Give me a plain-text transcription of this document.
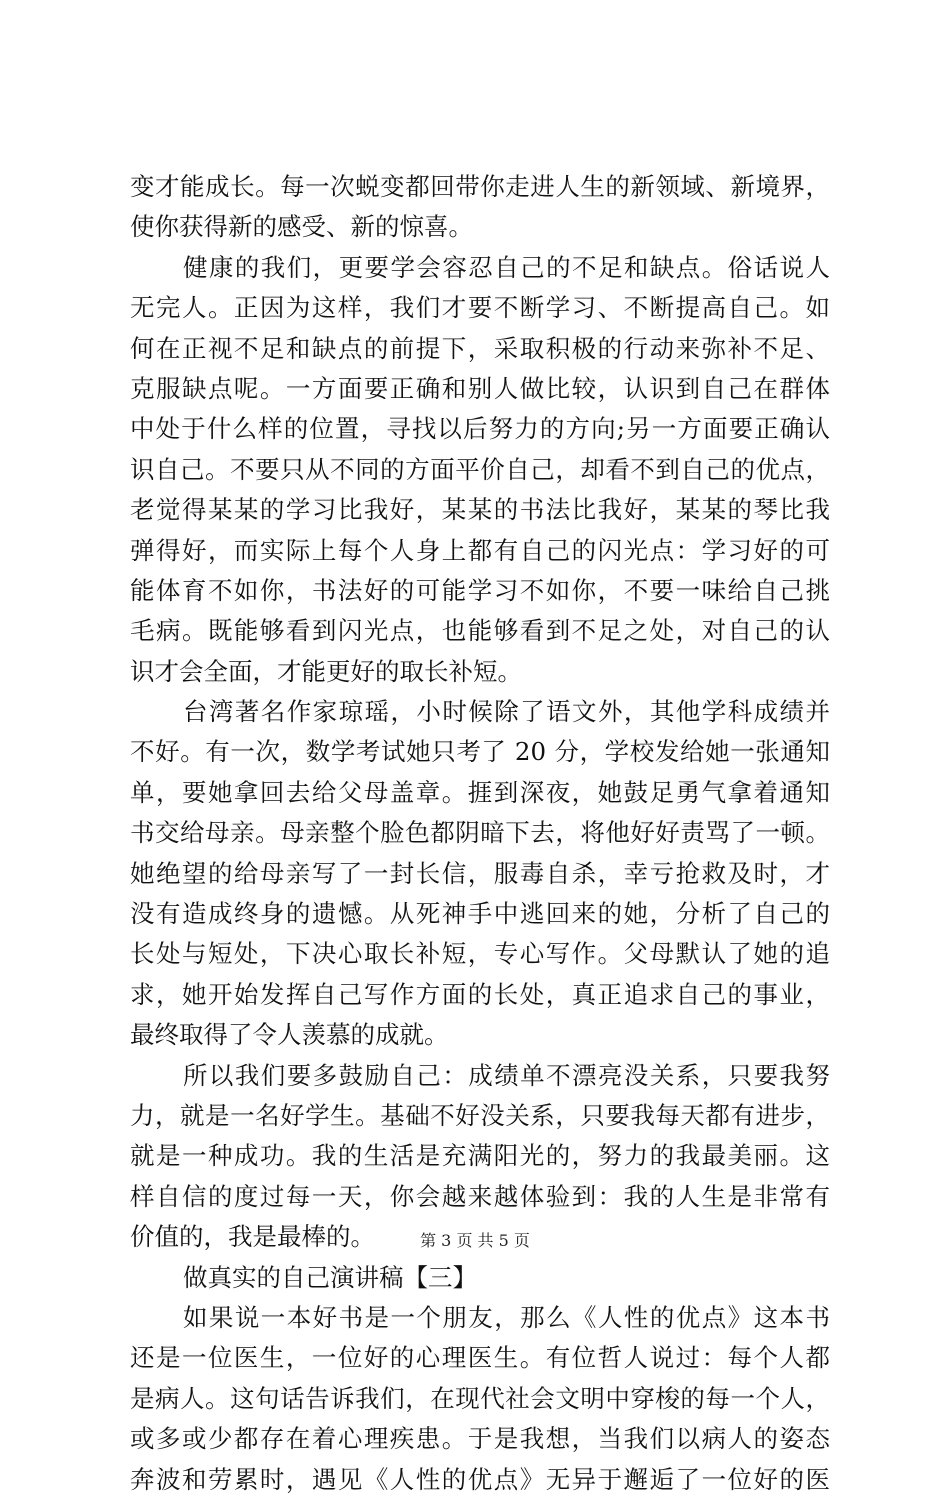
变才能成长。每一次蜕变都回带你走进人生的新领域、新境界，
使你获得新的感受、新的惊喜。
健康的我们，更要学会容忍自己的不足和缺点。俗话说人
无完人。正因为这样，我们才要不断学习、不断提高自己。如
何在正视不足和缺点的前提下，采取积极的行动来弥补不足、
克服缺点呢。一方面要正确和别人做比较，认识到自己在群体
中处于什么样的位置，寻找以后努力的方向;另一方面要正确认
识自己。不要只从不同的方面平价自己，却看不到自己的优点，
老觉得某某的学习比我好，某某的书法比我好，某某的琴比我
弹得好，而实际上每个人身上都有自己的闪光点：学习好的可
能体育不如你，书法好的可能学习不如你，不要一味给自己挑
毛病。既能够看到闪光点，也能够看到不足之处，对自己的认
识才会全面，才能更好的取长补短。
台湾著名作家琼瑶，小时候除了语文外，其他学科成绩并
不好。有一次，数学考试她只考了 20 分，学校发给她一张通知
单，要她拿回去给父母盖章。捱到深夜，她鼓足勇气拿着通知
书交给母亲。母亲整个脸色都阴暗下去，将他好好责骂了一顿。
她绝望的给母亲写了一封长信，服毒自杀，幸亏抢救及时，才
没有造成终身的遗憾。从死神手中逃回来的她，分析了自己的
长处与短处，下决心取长补短，专心写作。父母默认了她的追
求，她开始发挥自己写作方面的长处，真正追求自己的事业，
最终取得了令人羡慕的成就。
所以我们要多鼓励自己：成绩单不漂亮没关系，只要我努
力，就是一名好学生。基础不好没关系，只要我每天都有进步，
就是一种成功。我的生活是充满阳光的，努力的我最美丽。这
样自信的度过每一天，你会越来越体验到：我的人生是非常有
价值的，我是最棒的。
做真实的自己演讲稿【三】
如果说一本好书是一个朋友，那么《人性的优点》这本书
还是一位医生，一位好的心理医生。有位哲人说过：每个人都
是病人。这句话告诉我们，在现代社会文明中穿梭的每一个人，
或多或少都存在着心理疾患。于是我想，当我们以病人的姿态
奔波和劳累时，遇见《人性的优点》无异于邂逅了一位好的医
第 3 页 共 5 页
